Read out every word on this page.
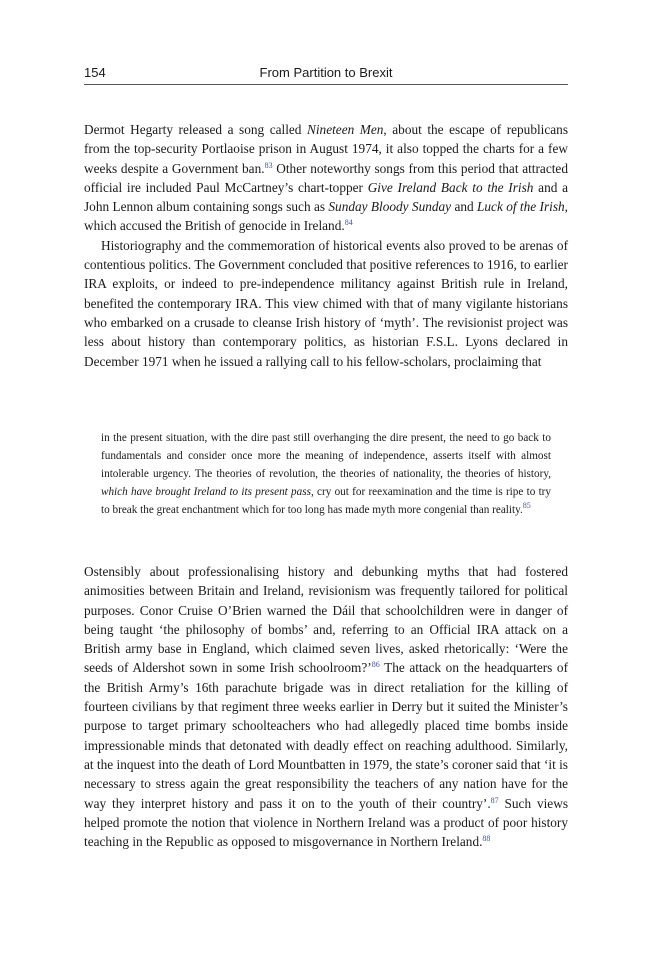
154	From Partition to Brexit

Dermot Hegarty released a song called Nineteen Men, about the escape of republicans from the top-security Portlaoise prison in August 1974, it also topped the charts for a few weeks despite a Government ban.$^{83}$ Other noteworthy songs from this period that attracted official ire included Paul McCartney’s chart-topper Give Ireland Back to the Irish and a John Lennon album containing songs such as Sunday Bloody Sunday and Luck of the Irish, which accused the British of genocide in Ireland.$^{84}$

Historiography and the commemoration of historical events also proved to be arenas of contentious politics. The Government concluded that positive references to 1916, to earlier IRA exploits, or indeed to pre-independence militancy against British rule in Ireland, benefited the contemporary IRA. This view chimed with that of many vigilante historians who embarked on a crusade to cleanse Irish history of ‘myth’. The revisionist project was less about history than contemporary politics, as historian F.S.L. Lyons declared in December 1971 when he issued a rallying call to his fellow-scholars, proclaiming that

in the present situation, with the dire past still overhanging the dire present, the need to go back to fundamentals and consider once more the meaning of independence, asserts itself with almost intolerable urgency. The theories of revolution, the theories of nationality, the theories of history, which have brought Ireland to its present pass, cry out for reexamination and the time is ripe to try to break the great enchantment which for too long has made myth more congenial than reality.$^{85}$

Ostensibly about professionalising history and debunking myths that had fostered animosities between Britain and Ireland, revisionism was frequently tailored for political purposes. Conor Cruise O’Brien warned the Dáil that schoolchildren were in danger of being taught ‘the philosophy of bombs’ and, referring to an Official IRA attack on a British army base in England, which claimed seven lives, asked rhetorically: ‘Were the seeds of Aldershot sown in some Irish schoolroom?’$^{86}$ The attack on the headquarters of the British Army’s 16th parachute brigade was in direct retaliation for the killing of fourteen civilians by that regiment three weeks earlier in Derry but it suited the Minister’s purpose to target primary schoolteachers who had allegedly placed time bombs inside impressionable minds that detonated with deadly effect on reaching adulthood. Similarly, at the inquest into the death of Lord Mountbatten in 1979, the state’s coroner said that ‘it is necessary to stress again the great responsibility the teachers of any nation have for the way they interpret history and pass it on to the youth of their country’.$^{87}$ Such views helped promote the notion that violence in Northern Ireland was a product of poor history teaching in the Republic as opposed to misgovernance in Northern Ireland.$^{88}$
